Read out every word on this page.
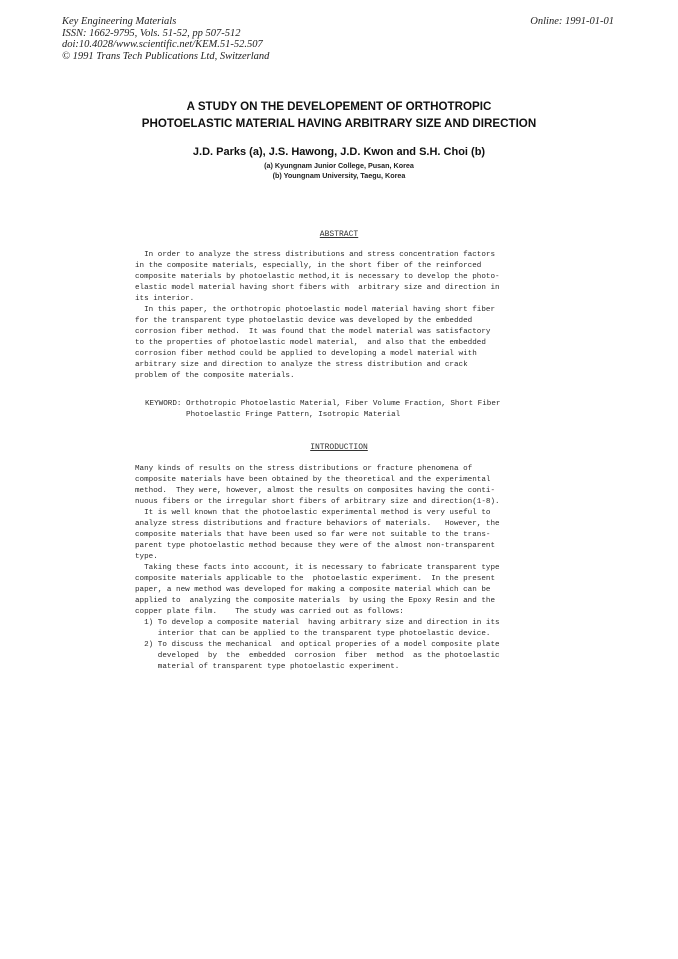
Key Engineering Materials
ISSN: 1662-9795, Vols. 51-52, pp 507-512
doi:10.4028/www.scientific.net/KEM.51-52.507
© 1991 Trans Tech Publications Ltd, Switzerland
Online: 1991-01-01
A STUDY ON THE DEVELOPEMENT OF ORTHOTROPIC
PHOTOELASTIC MATERIAL HAVING ARBITRARY SIZE AND DIRECTION
J.D. Parks (a), J.S. Hawong, J.D. Kwon and S.H. Choi (b)
(a) Kyungnam Junior College, Pusan, Korea
(b) Youngnam University, Taegu, Korea
ABSTRACT
In order to analyze the stress distributions and stress concentration factors
in the composite materials, especially, in the short fiber of the reinforced
composite materials by photoelastic method,it is necessary to develop the photo-
elastic model material having short fibers with  arbitrary size and direction in
its interior.
In this paper, the orthotropic photoelastic model material having short fiber
for the transparent type photoelastic device was developed by the embedded
corrosion fiber method.  It was found that the model material was satisfactory
to the properties of photoelastic model material,  and also that the embedded
corrosion fiber method could be applied to developing a model material with
arbitrary size and direction to analyze the stress distribution and crack
problem of the composite materials.
KEYWORD: Orthotropic Photoelastic Material, Fiber Volume Fraction, Short Fiber
Photoelastic Fringe Pattern, Isotropic Material
INTRODUCTION
Many kinds of results on the stress distributions or fracture phenomena of
composite materials have been obtained by the theoretical and the experimental
method.  They were, however, almost the results on composites having the conti-
nuous fibers or the irregular short fibers of arbitrary size and direction(1-8).
It is well known that the photoelastic experimental method is very useful to
analyze stress distributions and fracture behaviors of materials.   However, the
composite materials that have been used so far were not suitable to the trans-
parent type photoelastic method because they were of the almost non-transparent
type.
Taking these facts into account, it is necessary to fabricate transparent type
composite materials applicable to the  photoelastic experiment.  In the present
paper, a new method was developed for making a composite material which can be
applied to  analyzing the composite materials  by using the Epoxy Resin and the
copper plate film.    The study was carried out as follows:
1) To develop a composite material  having arbitrary size and direction in its
interior that can be applied to the transparent type photoelastic device.
2) To discuss the mechanical  and optical properies of a model composite plate
developed  by  the  embedded  corrosion  fiber  method  as the photoelastic
material of transparent type photoelastic experiment.
